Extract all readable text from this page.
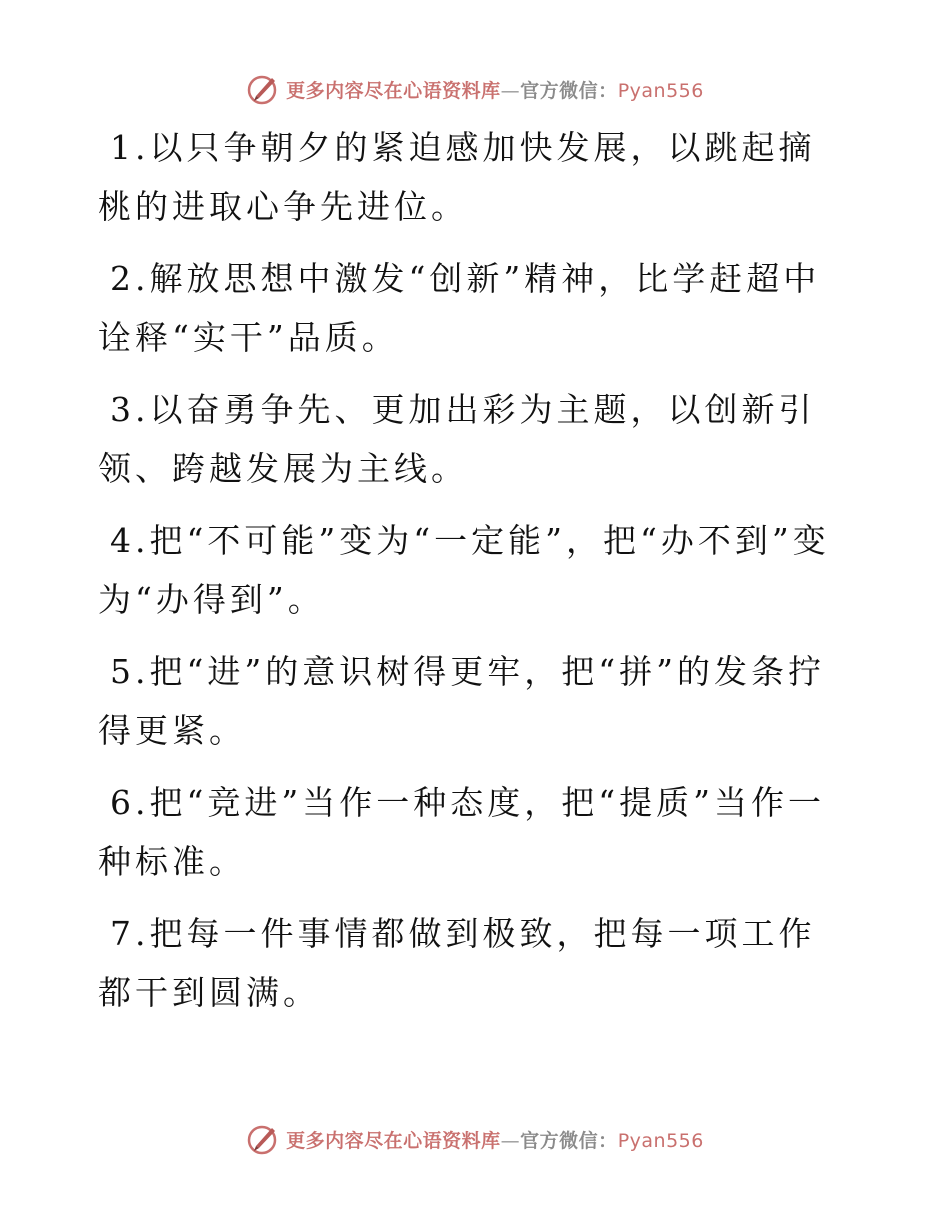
更多内容尽在心语资料库—官方微信：Pyan556

1.以只争朝夕的紧迫感加快发展，以跳起摘桃的进取心争先进位。

2.解放思想中激发“创新”精神，比学赶超中诠释“实干”品质。

3.以奋勇争先、更加出彩为主题，以创新引领、跨越发展为主线。

4.把“不可能”变为“一定能”，把“办不到”变为“办得到”。

5.把“进”的意识树得更牢，把“拼”的发条拧得更紧。

6.把“竞进”当作一种态度，把“提质”当作一种标准。

7.把每一件事情都做到极致，把每一项工作都干到圆满。

更多内容尽在心语资料库—官方微信：Pyan556
